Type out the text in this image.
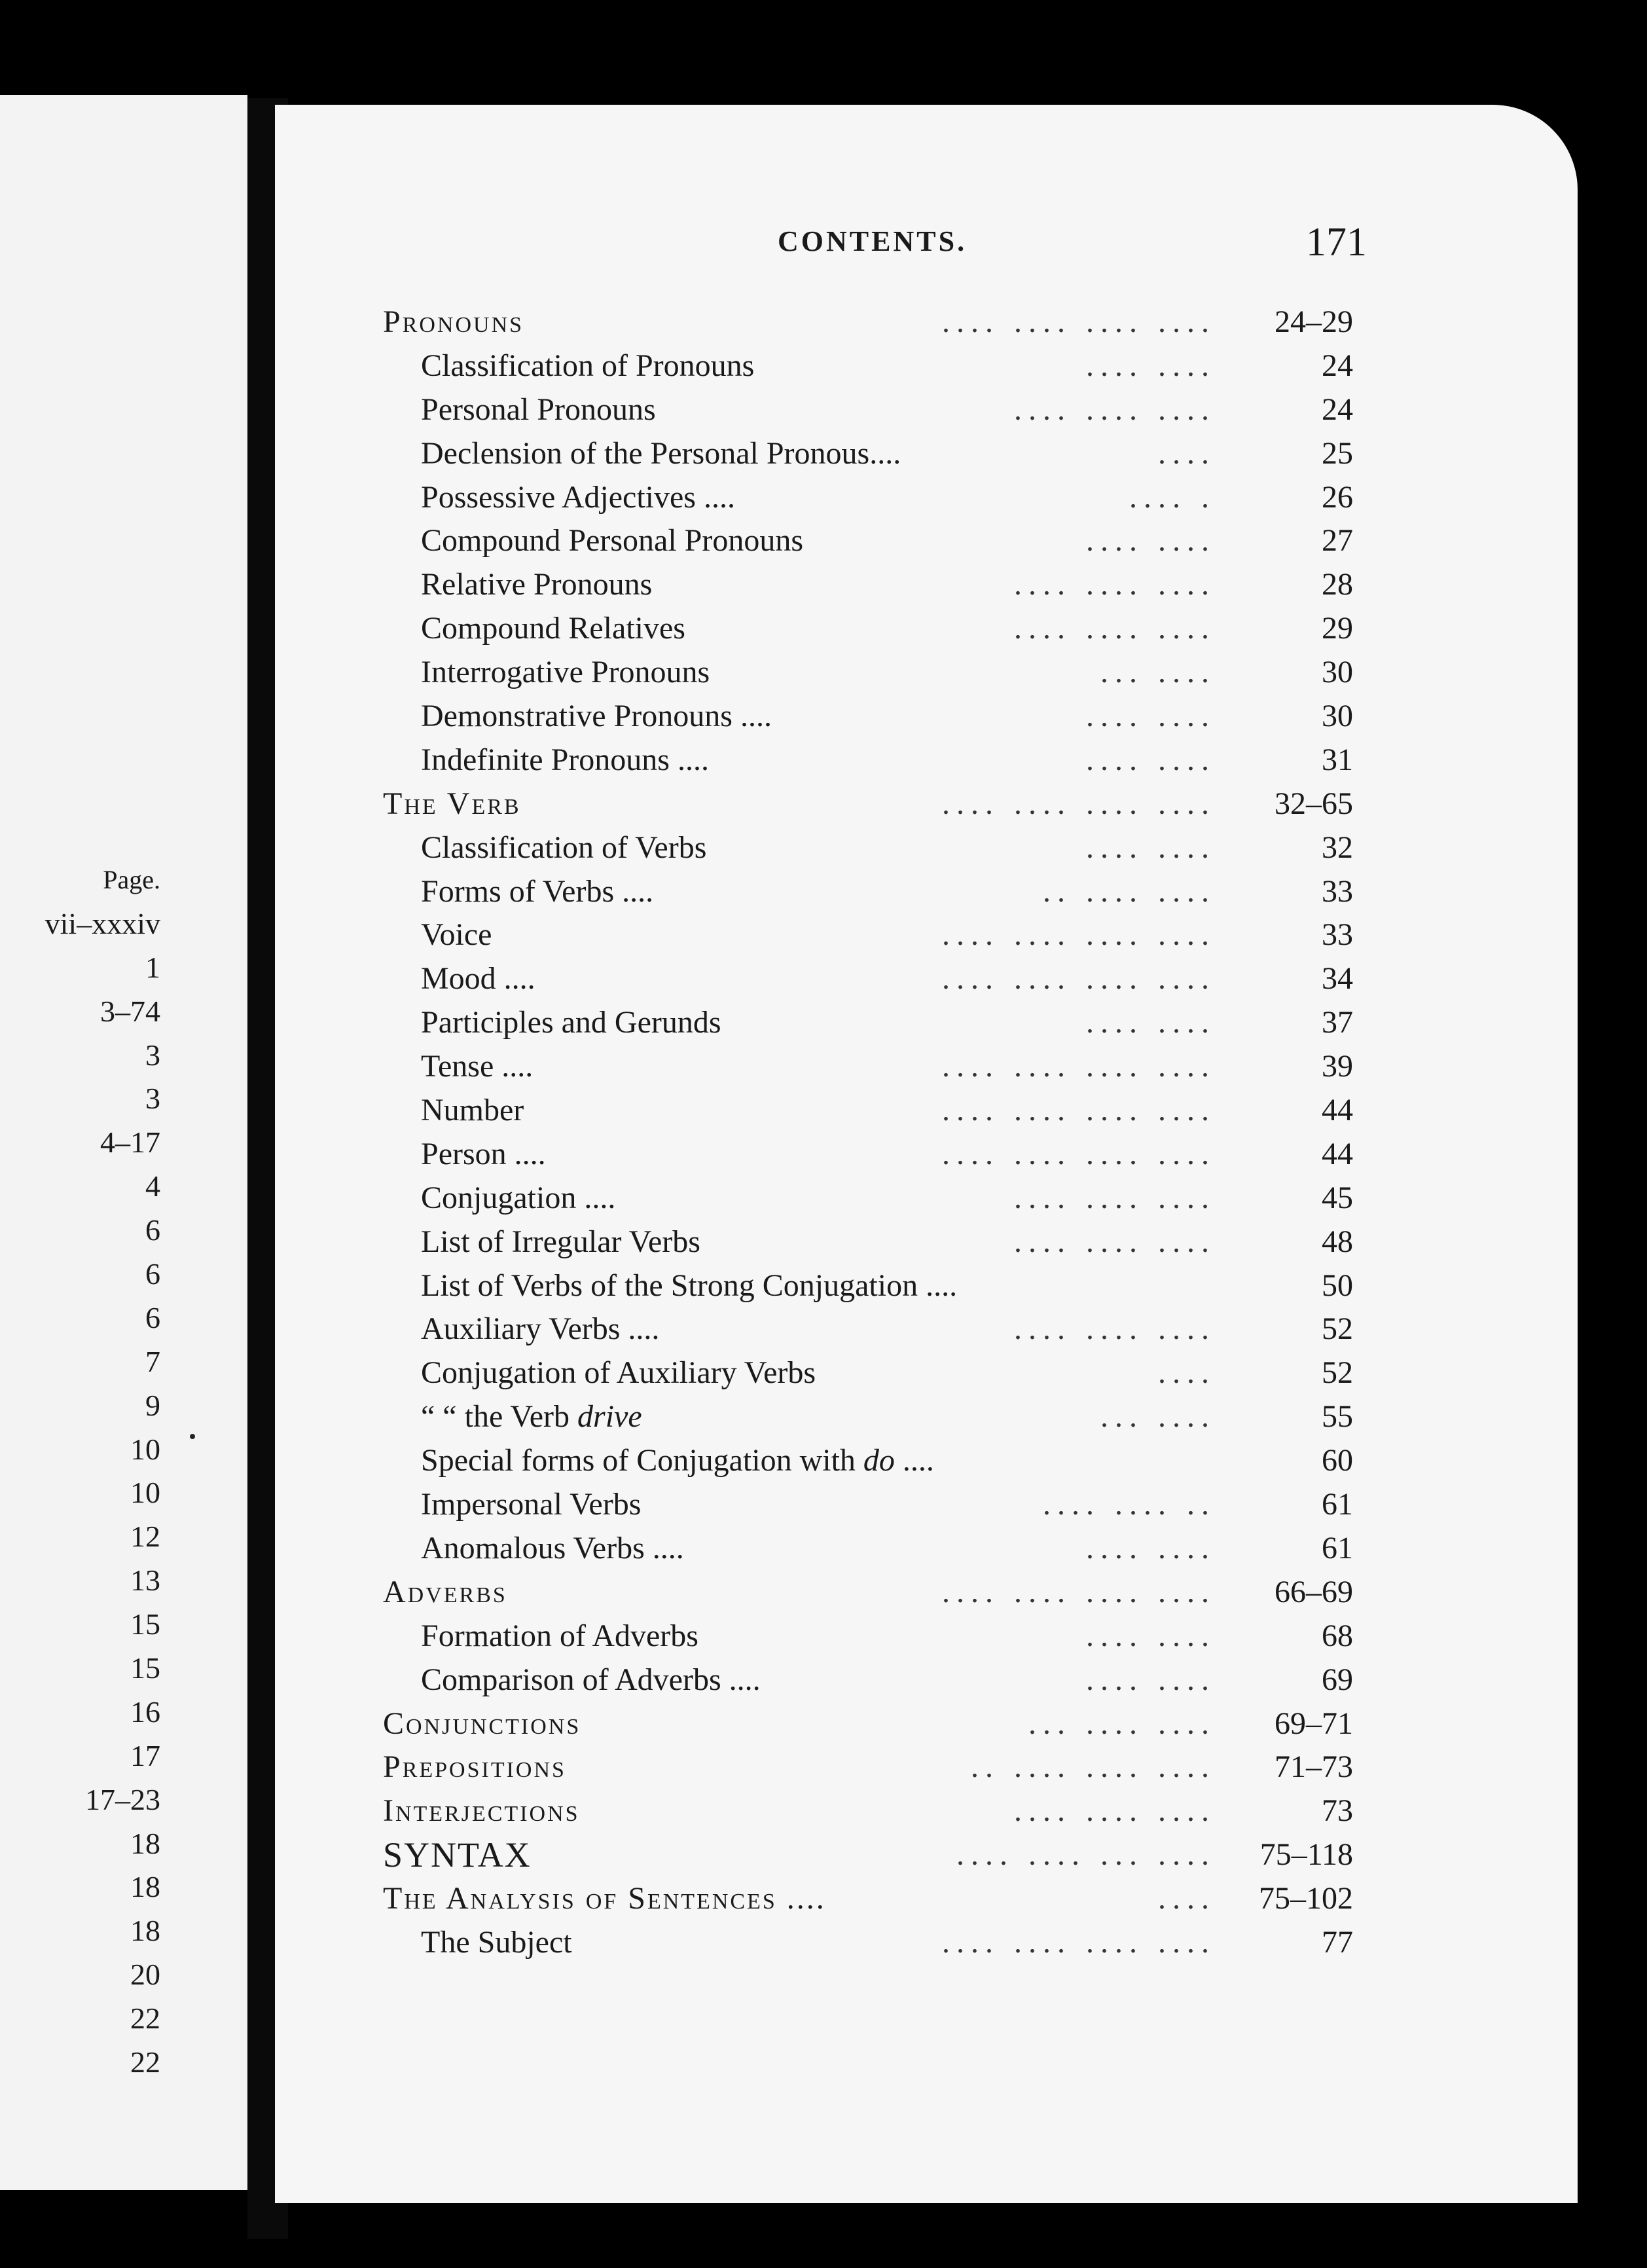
Page.
vii–xxxiv
1
3–74
3
3
4–17
4
6
6
6
7
9
10
10
12
13
15
15
16
17
17–23
18
18
18
20
22
22
CONTENTS.	171
.... .... .... ....
Pronouns	24–29
.... ....
Classification of Pronouns	24
.... .... ....
Personal Pronouns	24
....
Declension of the Personal Pronous....	25
.... .
Possessive Adjectives ....	26
.... ....
Compound Personal Pronouns	27
.... .... ....
Relative Pronouns	28
.... .... ....
Compound Relatives	29
... ....
Interrogative Pronouns	30
.... ....
Demonstrative Pronouns ....	30
.... ....
Indefinite Pronouns ....	31
.... .... .... ....
The Verb	32–65
.... ....
Classification of Verbs	32
.. .... ....
Forms of Verbs ....	33
.... .... .... ....
Voice	33
.... .... .... ....
Mood ....	34
.... ....
Participles and Gerunds	37
.... .... .... ....
Tense ....	39
.... .... .... ....
Number	44
.... .... .... ....
Person ....	44
.... .... ....
Conjugation ....	45
.... .... ....
List of Irregular Verbs	48
List of Verbs of the Strong Conjugation ....	50
.... .... ....
Auxiliary Verbs ....	52
....
Conjugation of Auxiliary Verbs	52
... ....
“ “ the Verb drive	55
Special forms of Conjugation with do ....	60
.... .... ..
Impersonal Verbs	61
.... ....
Anomalous Verbs ....	61
.... .... .... ....
Adverbs	66–69
.... ....
Formation of Adverbs	68
.... ....
Comparison of Adverbs ....	69
... .... ....
Conjunctions	69–71
.. .... .... ....
Prepositions	71–73
.... .... ....
Interjections	73
.... .... ... ....
SYNTAX	75–118
....
The Analysis of Sentences ....	75–102
.... .... .... ....
The Subject	77
